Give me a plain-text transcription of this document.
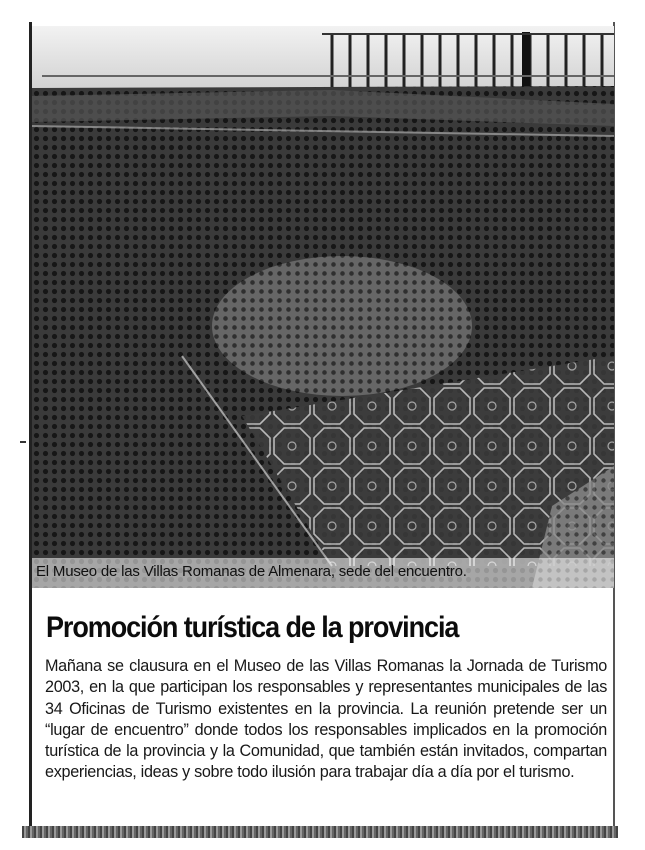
El Museo de las Villas Romanas de Almenara, sede del encuentro.
Promoción turística de la provincia

Mañana se clausura en el Museo de las Villas Romanas la Jornada de Turismo 2003, en la que participan los responsables y representantes municipales de las 34 Oficinas de Turismo existentes en la provincia. La reunión pretende ser un “lugar de encuentro” donde todos los responsables implicados en la promoción turística de la provincia y la Comunidad, que también están invitados, compartan experiencias, ideas y sobre todo ilusión para trabajar día a día por el turismo.
